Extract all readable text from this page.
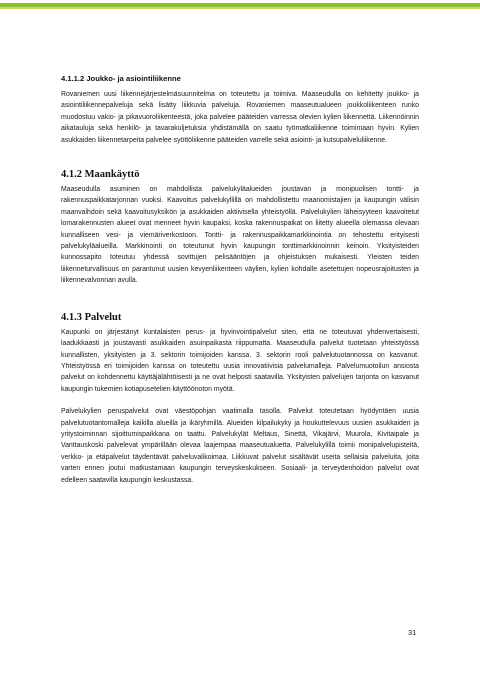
4.1.1.2 Joukko- ja asiointiliikenne

Rovaniemen uusi liikennejärjestelmäsuunnitelma on toteutettu ja toimiva. Maaseudulla on kehitetty joukko- ja asiointiliikennepalveluja sekä lisätty liikkuvia palveluja. Rovaniemen maaseutualueen joukkoliikenteen runko muodostuu vakio- ja pikavuoroliikenteestä, joka palvelee pääteiden varressa olevien kylien liikennettä. Liikennöinnin aikatauluja sekä henkilö- ja tavarakuljetuksia yhdistämällä on saatu työmatkaliikenne toimimaan hyvin. Kylien asukkaiden liikennetarpeita palvelee syöttöliikenne pääteiden varrelle sekä asiointi- ja kutsupalveluliikenne.

4.1.2 Maankäyttö

Maaseudulla asuminen on mahdollista palvelukyläalueiden joustavan ja monipuolisen tontti- ja rakennuspaikkatarjonnan vuoksi. Kaavoitus palvelukyllillä on mahdollistettu maanomistajien ja kaupungin välisin maanvaihdoin sekä kaavoitusyksikön ja asukkaiden aktiivisella yhteistyöllä. Palvelukylien läheisyyteen kaavoitetut lomarakennusten alueet ovat menneet hyvin kaupaksi, koska rakennuspaikat on liitetty alueella olemassa olevaan kunnalliseen vesi- ja viemäriverkostoon. Tontti- ja rakennuspaikkamarkkinointia on tehostettu erityisesti palvelukyläalueilla. Markkinointi on toteutunut hyvin kaupungin tonttimarkkinoinnin keinoin. Yksityisteiden kunnossapito toteutuu yhdessä sovittujen pelisääntöjen ja ohjeistuksen mukaisesti. Yleisten teiden liikenneturvallisuus on parantunut uusien kevyenliikenteen väylien, kylien kohdalle asetettujen nopeusrajoitusten ja liikennevalvonnan avulla.

4.1.3 Palvelut

Kaupunki on järjestänyt kuntalaisten perus- ja hyvinvointipalvelut siten, että ne toteutuvat yhdenvertaisesti, laadukkaasti ja joustavasti asukkaiden asuinpaikasta riippumatta. Maaseudulla palvelut tuotetaan yhteistyössä kunnallisten, yksityisten ja 3. sektorin toimijoiden kanssa. 3. sektorin rooli palvelutuotannossa on kasvanut. Yhteistyössä eri toimijoiden kanssa on toteutettu uusia innovatiivisia palvelumalleja. Palvelumuotoilun ansiosta palvelut on kohdennettu käyttäjälähtöisesti ja ne ovat helposti saatavilla. Yksityisten palvelujen tarjonta on kasvanut kaupungin tukemien kotiapusetelien käyttöönoton myötä.

Palvelukylien peruspalvelut ovat väestöpohjan vaatimalla tasolla. Palvelut toteutetaan hyödyntäen uusia palvelutuotantomalleja kaikilla alueilla ja ikäryhmillä. Alueiden kilpailukyky ja houkuttelevuus uusien asukkaiden ja yritystoiminnan sijoittumispaikkana on taattu. Palvelukylät Meltaus, Sinettä, Vikajärvi, Muurola, Kivitaipale ja Vanttauskoski palvelevat ympärillään olevaa laajempaa maaseutualuetta. Palvelukylillä toimii monipalvelupisteitä, verkko- ja etäpalvelut täydentävät palveluvalikoimaa. Liikkuvat palvelut sisältävät useita sellaisia palveluita, joita varten ennen joutui matkustamaan kaupungin terveyskeskukseen. Sosiaali- ja terveydenhoidon palvelut ovat edelleen saatavilla kaupungin keskustassa.

31
